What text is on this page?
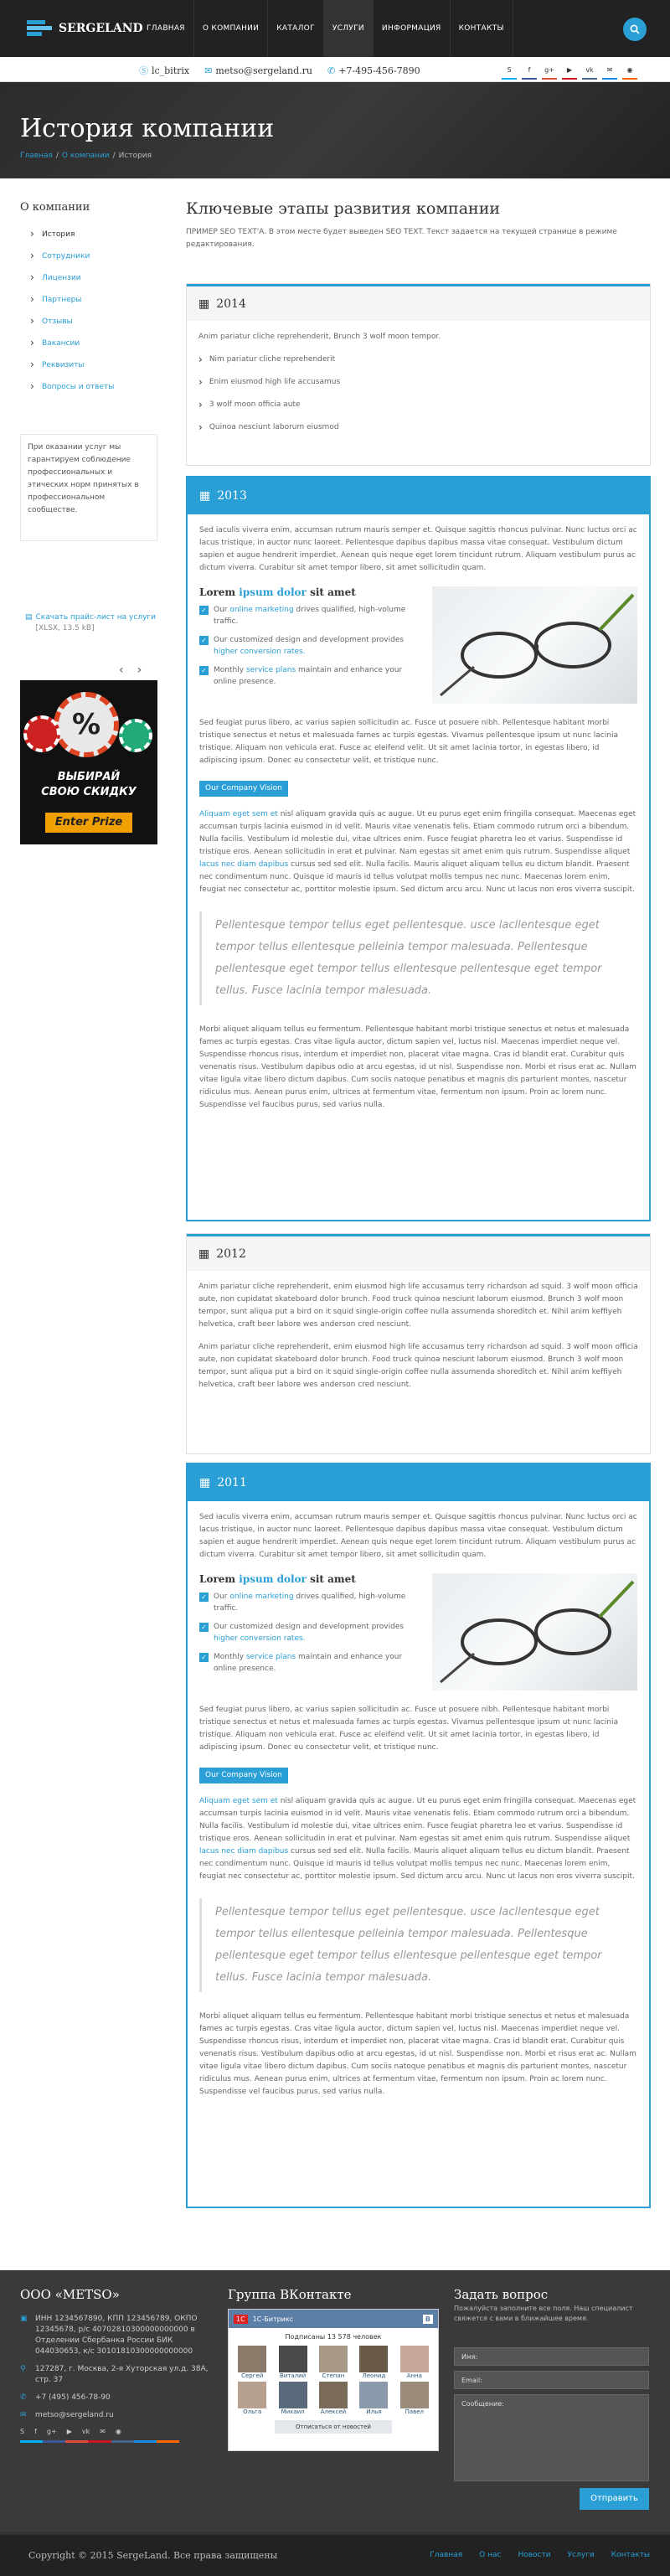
SERGELAND ГЛАВНАЯ	О КОМПАНИИ	КАТАЛОГ	УСЛУГИ	ИНФОРМАЦИЯ	КОНТАКТЫ
Ⓢ lc_bitrix ✉ metso@sergeland.ru ✆ +7-495-456-7890	S	f	g+	▶	vk	✉	◉
История компании
Главная / О компании / История
О компании
› История
› Сотрудники
› Лицензии
› Партнеры
› Отзывы
› Вакансии
› Реквизиты
› Вопросы и ответы
При оказании услуг мы гарантируем соблюдение профессиональных и этических норм принятых в профессиональном сообществе.
▤ Скачать прайс-лист на услуги [XLSX, 13.5 kB]
‹ ›
%
ВЫБИРАЙ
СВОЮ СКИДКУ
Enter Prize
Ключевые этапы развития компании
ПРИМЕР SEO TEXT'A. В этом месте будет выведен SEO TEXT. Текст задается на текущей странице в режиме редактирования.
▦ 2014

Anim pariatur cliche reprehenderit, Brunch 3 wolf moon tempor.

› Nim pariatur cliche reprehenderit
› Enim eiusmod high life accusamus
› 3 wolf moon officia aute
› Quinoa nesciunt laborum eiusmod
▦ 2013

Sed iaculis viverra enim, accumsan rutrum mauris semper et. Quisque sagittis rhoncus pulvinar. Nunc luctus orci ac lacus tristique, in auctor nunc laoreet. Pellentesque dapibus dapibus massa vitae consequat. Vestibulum dictum sapien et augue hendrerit imperdiet. Aenean quis neque eget lorem tincidunt rutrum. Aliquam vestibulum purus ac dictum viverra. Curabitur sit amet tempor libero, sit amet sollicitudin quam.

Lorem ipsum dolor sit amet
✓ Our online marketing drives qualified, high-volume traffic.
✓ Our customized design and development provides higher conversion rates.
✓ Monthly service plans maintain and enhance your online presence.

Sed feugiat purus libero, ac varius sapien sollicitudin ac. Fusce ut posuere nibh. Pellentesque habitant morbi tristique senectus et netus et malesuada fames ac turpis egestas. Vivamus pellentesque ipsum ut nunc lacinia tristique. Aliquam non vehicula erat. Fusce ac eleifend velit. Ut sit amet lacinia tortor, in egestas libero, id adipiscing ipsum. Donec eu consectetur velit, et tristique nunc.

Our Company Vision

Aliquam eget sem et nisl aliquam gravida quis ac augue. Ut eu purus eget enim fringilla consequat. Maecenas eget accumsan turpis lacinia euismod in id velit. Mauris vitae venenatis felis. Etiam commodo rutrum orci a bibendum. Nulla facilis. Vestibulum id molestie dui, vitae ultrices enim. Fusce feugiat pharetra leo et varius. Suspendisse id tristique eros. Aenean sollicitudin in erat et pulvinar. Nam egestas sit amet enim quis rutrum. Suspendisse aliquet lacus nec diam dapibus cursus sed sed elit. Nulla facilis. Mauris aliquet aliquam tellus eu dictum blandit. Praesent nec condimentum nunc. Quisque id mauris id tellus volutpat mollis tempus nec nunc. Maecenas lorem enim, feugiat nec consectetur ac, porttitor molestie ipsum. Sed dictum arcu arcu. Nunc ut lacus non eros viverra suscipit.

Pellentesque tempor tellus eget pellentesque. usce lacllentesque eget tempor tellus ellentesque pelleinia tempor malesuada. Pellentesque pellentesque eget tempor tellus ellentesque pellentesque eget tempor tellus. Fusce lacinia tempor malesuada.

Morbi aliquet aliquam tellus eu fermentum. Pellentesque habitant morbi tristique senectus et netus et malesuada fames ac turpis egestas. Cras vitae ligula auctor, dictum sapien vel, luctus nisl. Maecenas imperdiet neque vel. Suspendisse rhoncus risus, interdum et imperdiet non, placerat vitae magna. Cras id blandit erat. Curabitur quis venenatis risus. Vestibulum dapibus odio at arcu egestas, id ut nisl. Suspendisse non. Morbi et risus erat ac. Nullam vitae ligula vitae libero dictum dapibus. Cum sociis natoque penatibus et magnis dis parturient montes, nascetur ridiculus mus. Aenean purus enim, ultrices at fermentum vitae, fermentum non ipsum. Proin ac lorem nunc. Suspendisse vel faucibus purus, sed varius nulla.

▦ 2012

Anim pariatur cliche reprehenderit, enim eiusmod high life accusamus terry richardson ad squid. 3 wolf moon officia aute, non cupidatat skateboard dolor brunch. Food truck quinoa nesciunt laborum eiusmod. Brunch 3 wolf moon tempor, sunt aliqua put a bird on it squid single-origin coffee nulla assumenda shoreditch et. Nihil anim keffiyeh helvetica, craft beer labore wes anderson cred nesciunt.

Anim pariatur cliche reprehenderit, enim eiusmod high life accusamus terry richardson ad squid. 3 wolf moon officia aute, non cupidatat skateboard dolor brunch. Food truck quinoa nesciunt laborum eiusmod. Brunch 3 wolf moon tempor, sunt aliqua put a bird on it squid single-origin coffee nulla assumenda shoreditch et. Nihil anim keffiyeh helvetica, craft beer labore wes anderson cred nesciunt.

▦ 2011

Sed iaculis viverra enim, accumsan rutrum mauris semper et. Quisque sagittis rhoncus pulvinar. Nunc luctus orci ac lacus tristique, in auctor nunc laoreet. Pellentesque dapibus dapibus massa vitae consequat. Vestibulum dictum sapien et augue hendrerit imperdiet. Aenean quis neque eget lorem tincidunt rutrum. Aliquam vestibulum purus ac dictum viverra. Curabitur sit amet tempor libero, sit amet sollicitudin quam.

Lorem ipsum dolor sit amet
✓ Our online marketing drives qualified, high-volume traffic.
✓ Our customized design and development provides higher conversion rates.
✓ Monthly service plans maintain and enhance your online presence.

Sed feugiat purus libero, ac varius sapien sollicitudin ac. Fusce ut posuere nibh. Pellentesque habitant morbi tristique senectus et netus et malesuada fames ac turpis egestas. Vivamus pellentesque ipsum ut nunc lacinia tristique. Aliquam non vehicula erat. Fusce ac eleifend velit. Ut sit amet lacinia tortor, in egestas libero, id adipiscing ipsum. Donec eu consectetur velit, et tristique nunc.

Our Company Vision

Aliquam eget sem et nisl aliquam gravida quis ac augue. Ut eu purus eget enim fringilla consequat. Maecenas eget accumsan turpis lacinia euismod in id velit. Mauris vitae venenatis felis. Etiam commodo rutrum orci a bibendum. Nulla facilis. Vestibulum id molestie dui, vitae ultrices enim. Fusce feugiat pharetra leo et varius. Suspendisse id tristique eros. Aenean sollicitudin in erat et pulvinar. Nam egestas sit amet enim quis rutrum. Suspendisse aliquet lacus nec diam dapibus cursus sed sed elit. Nulla facilis. Mauris aliquet aliquam tellus eu dictum blandit. Praesent nec condimentum nunc. Quisque id mauris id tellus volutpat mollis tempus nec nunc. Maecenas lorem enim, feugiat nec consectetur ac, porttitor molestie ipsum. Sed dictum arcu arcu. Nunc ut lacus non eros viverra suscipit.

Pellentesque tempor tellus eget pellentesque. usce lacllentesque eget tempor tellus ellentesque pelleinia tempor malesuada. Pellentesque pellentesque eget tempor tellus ellentesque pellentesque eget tempor tellus. Fusce lacinia tempor malesuada.

Morbi aliquet aliquam tellus eu fermentum. Pellentesque habitant morbi tristique senectus et netus et malesuada fames ac turpis egestas. Cras vitae ligula auctor, dictum sapien vel, luctus nisl. Maecenas imperdiet neque vel. Suspendisse rhoncus risus, interdum et imperdiet non, placerat vitae magna. Cras id blandit erat. Curabitur quis venenatis risus. Vestibulum dapibus odio at arcu egestas, id ut nisl. Suspendisse non. Morbi et risus erat ac. Nullam vitae ligula vitae libero dictum dapibus. Cum sociis natoque penatibus et magnis dis parturient montes, nascetur ridiculus mus. Aenean purus enim, ultrices at fermentum vitae, fermentum non ipsum. Proin ac lorem nunc. Suspendisse vel faucibus purus, sed varius nulla.

ООО «METSO»
▣ ИНН 1234567890, КПП 123456789, ОКПО 12345678, р/с 40702810300000000000 в Отделении Сбербанка России БИК 044030653, к/с 30101810300000000000
⚲	127287, г. Москва, 2-я Хуторская ул.д. 38А, стр. 37
✆ +7 (495) 456-78-90
✉ metso@sergeland.ru
S f g+ ▶ vk ✉ ◉
Группа ВКонтакте
1C	1С-Битрикс	В
Подписаны 13 578 человек
Сергей	Виталий	Степан	Леонид	Анна
Ольга	Михаил	Алексей	Илья	Павел
Отписаться от новостей
Задать вопрос
Пожалуйста заполните все поля. Наш специалист свяжется с вами в ближайшее время.
Имя:
Email:
Сообщение:
Отправить
Copyright © 2015 SergeLand. Все права защищены	Главная О нас Новости Услуги Контакты
